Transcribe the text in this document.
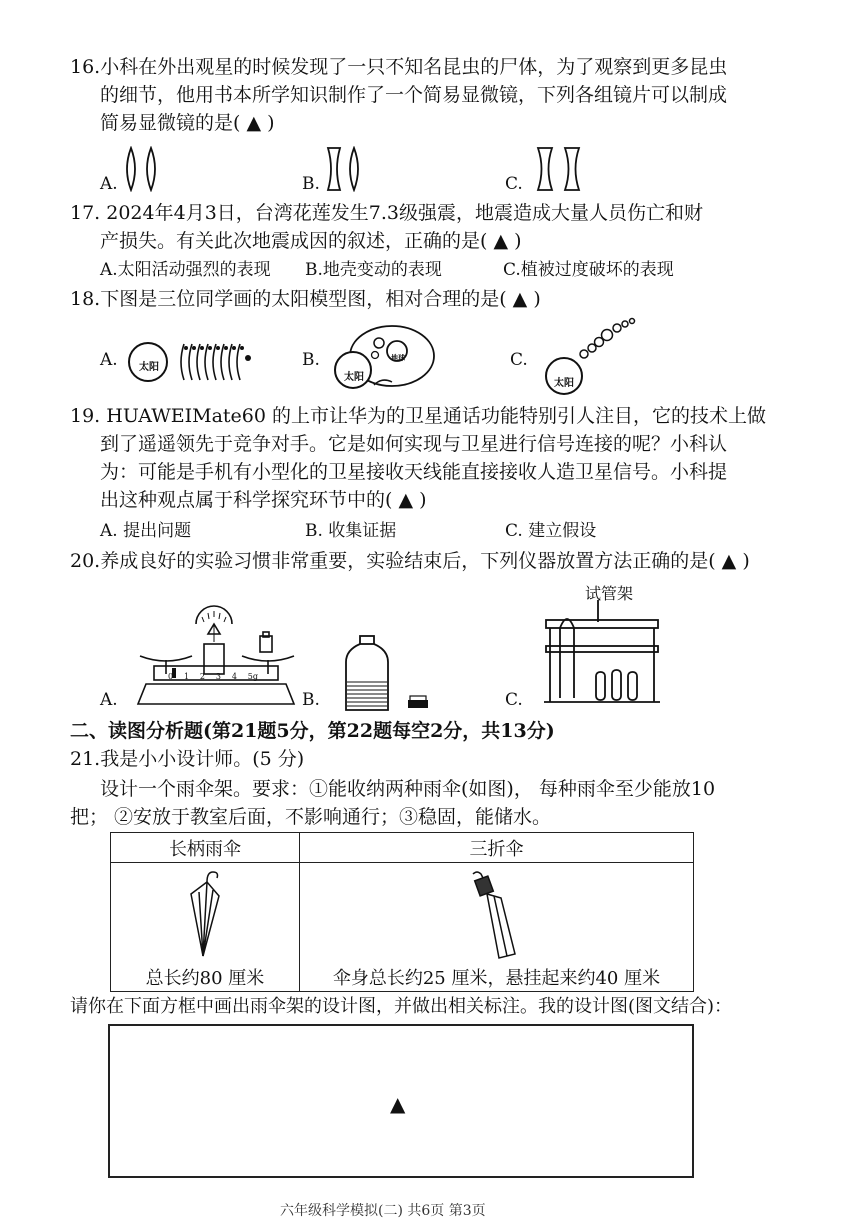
16.小科在外出观星的时候发现了一只不知名昆虫的尸体，为了观察到更多昆虫
的细节，他用书本所学知识制作了一个简易显微镜，下列各组镜片可以制成
简易显微镜的是( ▲ )
A.	B.	C.
17. 2024年4月3日，台湾花莲发生7.3级强震，地震造成大量人员伤亡和财
产损失。有关此次地震成因的叙述，正确的是( ▲ )
A.太阳活动强烈的表现 B.地壳变动的表现	C.植被过度破坏的表现
18.下图是三位同学画的太阳模型图，相对合理的是( ▲ )
A.	太阳	B.
太阳
地球	C.
太阳
19. HUAWEIMate60 的上市让华为的卫星通话功能特别引人注目，它的技术上做
到了遥遥领先于竞争对手。它是如何实现与卫星进行信号连接的呢？小科认
为：可能是手机有小型化的卫星接收天线能直接接收人造卫星信号。小科提
出这种观点属于科学探究环节中的( ▲ )
A. 提出问题	B. 收集证据	C. 建立假设
20.养成良好的实验习惯非常重要，实验结束后，下列仪器放置方法正确的是( ▲ )
A.
0 1 2 3 4 5g
B.	C.
试管架
二、读图分析题(第21题5分，第22题每空2分，共13分)
21.我是小小设计师。(5 分)
设计一个雨伞架。要求：①能收纳两种雨伞(如图)， 每种雨伞至少能放10
把； ②安放于教室后面，不影响通行；③稳固，能储水。
长柄雨伞	三折伞

总长约80 厘米	伞身总长约25 厘米，悬挂起来约40 厘米
请你在下面方框中画出雨伞架的设计图，并做出相关标注。我的设计图(图文结合)：
▲
六年级科学模拟(二) 共6页 第3页
